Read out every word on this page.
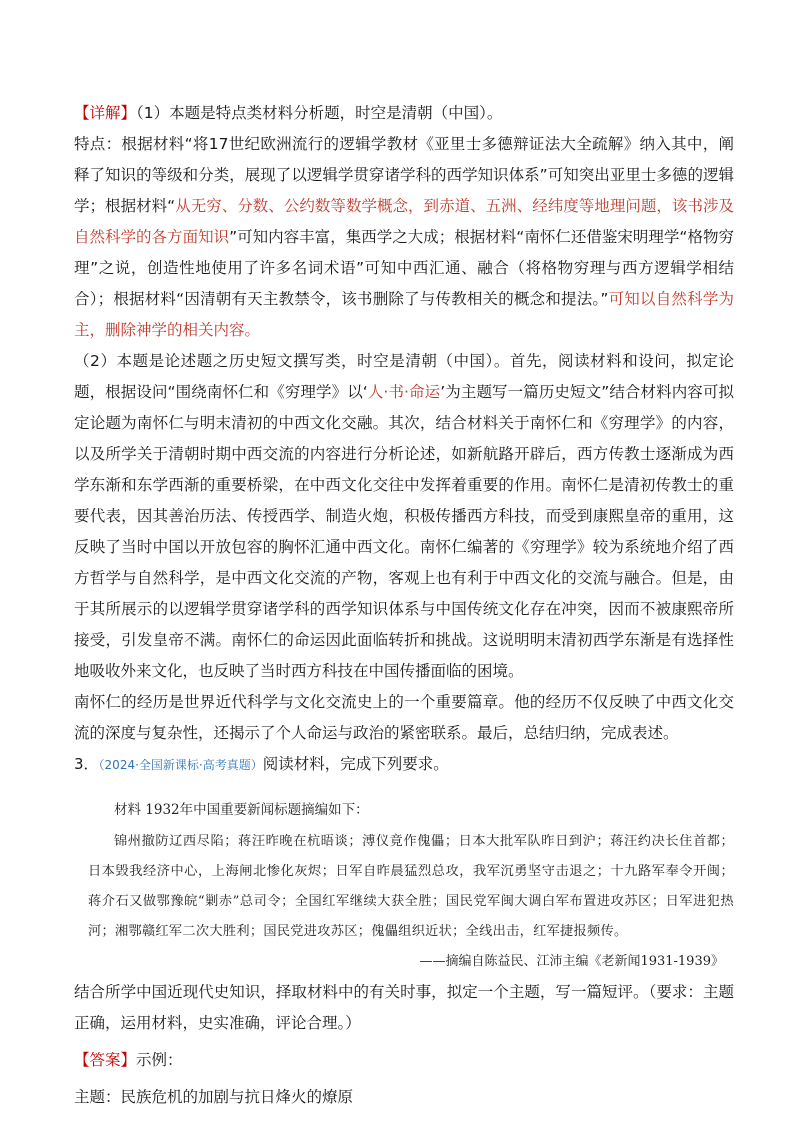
【详解】（1）本题是特点类材料分析题，时空是清朝（中国）。

特点：根据材料“将17世纪欧洲流行的逻辑学教材《亚里士多德辩证法大全疏解》纳入其中，阐释了知识的等级和分类，展现了以逻辑学贯穿诸学科的西学知识体系”可知突出亚里士多德的逻辑学；根据材料“从无穷、分数、公约数等数学概念，到赤道、五洲、经纬度等地理问题，该书涉及自然科学的各方面知识”可知内容丰富，集西学之大成；根据材料“南怀仁还借鉴宋明理学“格物穷理”之说，创造性地使用了许多名词术语”可知中西汇通、融合（将格物穷理与西方逻辑学相结合）；根据材料“因清朝有天主教禁令，该书删除了与传教相关的概念和提法。”可知以自然科学为主，删除神学的相关内容。

（2）本题是论述题之历史短文撰写类，时空是清朝（中国）。首先，阅读材料和设问，拟定论题，根据设问“围绕南怀仁和《穷理学》以‘人·书·命运’为主题写一篇历史短文”结合材料内容可拟定论题为南怀仁与明末清初的中西文化交融。其次，结合材料关于南怀仁和《穷理学》的内容，以及所学关于清朝时期中西交流的内容进行分析论述，如新航路开辟后，西方传教士逐渐成为西学东渐和东学西渐的重要桥梁，在中西文化交往中发挥着重要的作用。南怀仁是清初传教士的重要代表，因其善治历法、传授西学、制造火炮，积极传播西方科技，而受到康熙皇帝的重用，这反映了当时中国以开放包容的胸怀汇通中西文化。南怀仁编著的《穷理学》较为系统地介绍了西方哲学与自然科学，是中西文化交流的产物，客观上也有利于中西文化的交流与融合。但是，由于其所展示的以逻辑学贯穿诸学科的西学知识体系与中国传统文化存在冲突，因而不被康熙帝所接受，引发皇帝不满。南怀仁的命运因此面临转折和挑战。这说明明末清初西学东渐是有选择性地吸收外来文化，也反映了当时西方科技在中国传播面临的困境。

南怀仁的经历是世界近代科学与文化交流史上的一个重要篇章。他的经历不仅反映了中西文化交流的深度与复杂性，还揭示了个人命运与政治的紧密联系。最后，总结归纳，完成表述。

3．（2024·全国新课标·高考真题）阅读材料，完成下列要求。

材料 1932年中国重要新闻标题摘编如下：
锦州撤防辽西尽陷；蒋汪昨晚在杭晤谈；溥仪竟作傀儡；日本大批军队昨日到沪；蒋汪约决长住首都；日本毁我经济中心，上海闸北惨化灰烬；日军自昨晨猛烈总攻，我军沉勇坚守击退之；十九路军奉令开闽；蒋介石又做鄂豫皖“剿赤”总司令；全国红军继续大获全胜；国民党军闽大调白军布置进攻苏区；日军进犯热河；湘鄂赣红军二次大胜利；国民党进攻苏区；傀儡组织近状；全线出击，红军捷报频传。
——摘编自陈益民、江沛主编《老新闻1931-1939》

结合所学中国近现代史知识，择取材料中的有关时事，拟定一个主题，写一篇短评。（要求：主题正确，运用材料，史实准确，评论合理。）

【答案】示例：

主题：民族危机的加剧与抗日烽火的燎原
